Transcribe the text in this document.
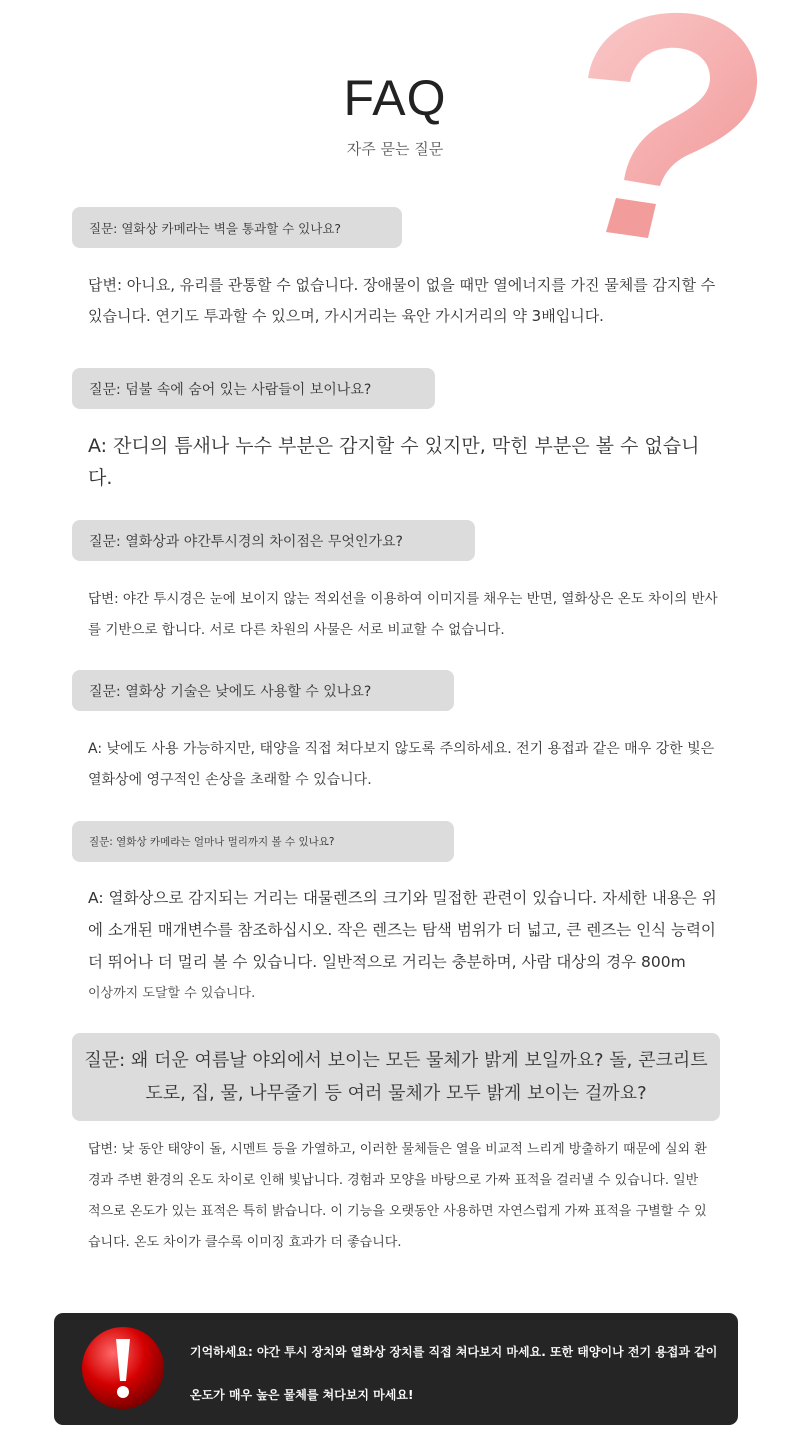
FAQ
자주 묻는 질문
질문: 열화상 카메라는 벽을 통과할 수 있나요?
답변: 아니요, 유리를 관통할 수 없습니다. 장애물이 없을 때만 열에너지를 가진 물체를 감지할 수 있습니다. 연기도 투과할 수 있으며, 가시거리는 육안 가시거리의 약 3배입니다.
질문: 덤불 속에 숨어 있는 사람들이 보이나요?
A: 잔디의 틈새나 누수 부분은 감지할 수 있지만, 막힌 부분은 볼 수 없습니다.
질문: 열화상과 야간투시경의 차이점은 무엇인가요?
답변: 야간 투시경은 눈에 보이지 않는 적외선을 이용하여 이미지를 채우는 반면, 열화상은 온도 차이의 반사를 기반으로 합니다. 서로 다른 차원의 사물은 서로 비교할 수 없습니다.
질문: 열화상 기술은 낮에도 사용할 수 있나요?
A: 낮에도 사용 가능하지만, 태양을 직접 쳐다보지 않도록 주의하세요. 전기 용접과 같은 매우 강한 빛은 열화상에 영구적인 손상을 초래할 수 있습니다.
질문: 열화상 카메라는 얼마나 멀리까지 볼 수 있나요?
A: 열화상으로 감지되는 거리는 대물렌즈의 크기와 밀접한 관련이 있습니다. 자세한 내용은 위
에 소개된 매개변수를 참조하십시오. 작은 렌즈는 탐색 범위가 더 넓고, 큰 렌즈는 인식 능력이
더 뛰어나 더 멀리 볼 수 있습니다. 일반적으로 거리는 충분하며, 사람 대상의 경우 800m
이상까지 도달할 수 있습니다.
질문: 왜 더운 여름날 야외에서 보이는 모든 물체가 밝게 보일까요? 돌, 콘크리트 도로, 집, 물, 나무줄기 등 여러 물체가 모두 밝게 보이는 걸까요?
답변: 낮 동안 태양이 돌, 시멘트 등을 가열하고, 이러한 물체들은 열을 비교적 느리게 방출하기 때문에 실외 환경과 주변 환경의 온도 차이로 인해 빛납니다. 경험과 모양을 바탕으로 가짜 표적을 걸러낼 수 있습니다. 일반적으로 온도가 있는 표적은 특히 밝습니다. 이 기능을 오랫동안 사용하면 자연스럽게 가짜 표적을 구별할 수 있습니다. 온도 차이가 클수록 이미징 효과가 더 좋습니다.
기억하세요: 야간 투시 장치와 열화상 장치를 직접 쳐다보지 마세요. 또한 태양이나 전기 용접과 같이 온도가 매우 높은 물체를 쳐다보지 마세요!
